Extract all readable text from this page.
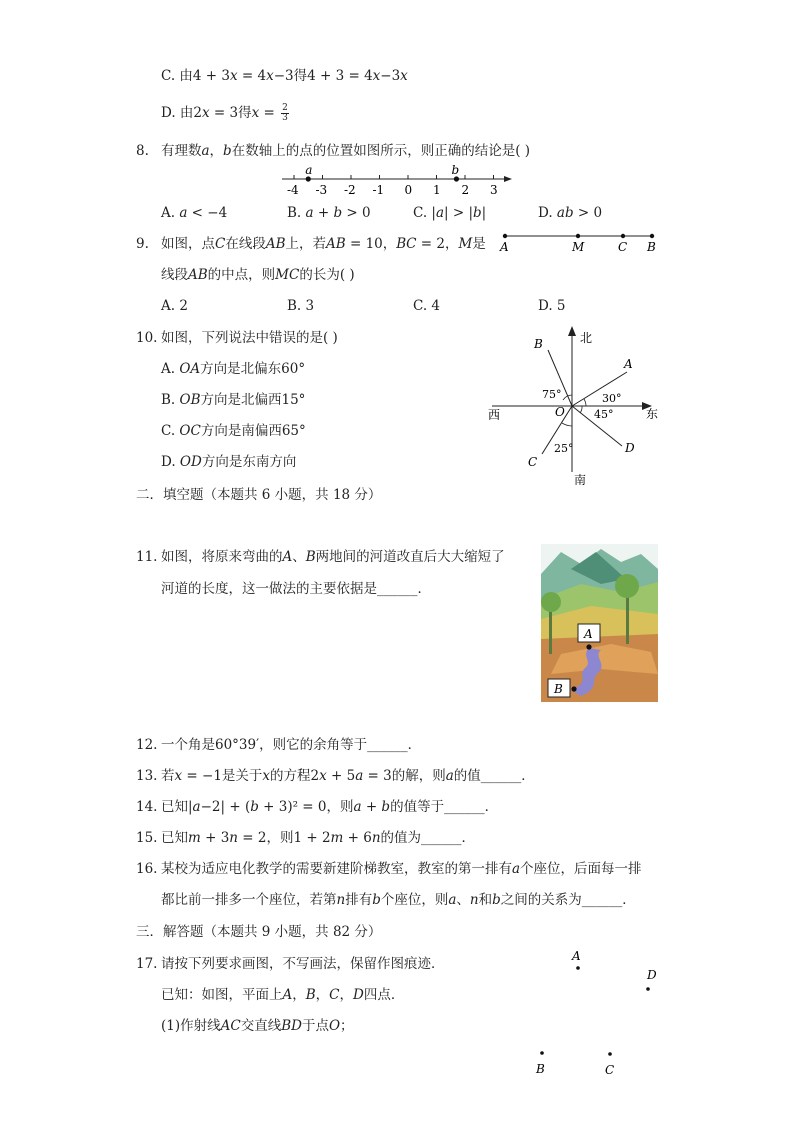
C. 由4 + 3𝑥 = 4𝑥−3得4 + 3 = 4𝑥−3𝑥
D. 由2𝑥 = 3得𝑥 = $\frac{2}{3}$
8. 有理数𝑎，𝑏在数轴上的点的位置如图所示，则正确的结论是( )
-4 -3 -2 -1 0 1 2 3
a	b
A. 𝑎 < −4	B. 𝑎 + 𝑏 > 0	C. |𝑎| > |𝑏|	D. 𝑎𝑏 > 0
9. 如图，点𝐶在线段𝐴𝐵上，若𝐴𝐵 = 10，𝐵𝐶 = 2，𝑀是
线段𝐴𝐵的中点，则𝑀𝐶的长为( )
A	M	C B
A. 2	B. 3	C. 4	D. 5
10. 如图，下列说法中错误的是( )
A. 𝑂𝐴方向是北偏东60°
B. 𝑂𝐵方向是北偏西15°
C. 𝑂𝐶方向是南偏西65°
D. 𝑂𝐷方向是东南方向
北
南
西	东
O
A
B
C
D
75°	30°
45°
25°
二．填空题（本题共 6 小题，共 18 分）
11. 如图，将原来弯曲的𝐴、𝐵两地间的河道改直后大大缩短了
河道的长度，这一做法的主要依据是______．
A
B
12. 一个角是60°39′，则它的余角等于______．
13. 若𝑥 = −1是关于𝑥的方程2𝑥 + 5𝑎 = 3的解，则𝑎的值______．
14. 已知|𝑎−2| + (𝑏 + 3)² = 0，则𝑎 + 𝑏的值等于______．
15. 已知𝑚 + 3𝑛 = 2，则1 + 2𝑚 + 6𝑛的值为______．
16. 某校为适应电化教学的需要新建阶梯教室，教室的第一排有𝑎个座位，后面每一排
都比前一排多一个座位，若第𝑛排有𝑏个座位，则𝑎、𝑛和𝑏之间的关系为______．
三．解答题（本题共 9 小题，共 82 分）
17. 请按下列要求画图，不写画法，保留作图痕迹．
已知：如图，平面上𝐴，𝐵，𝐶，𝐷四点．
(1)作射线𝐴𝐶交直线𝐵𝐷于点𝑂；
A
D
B	C
